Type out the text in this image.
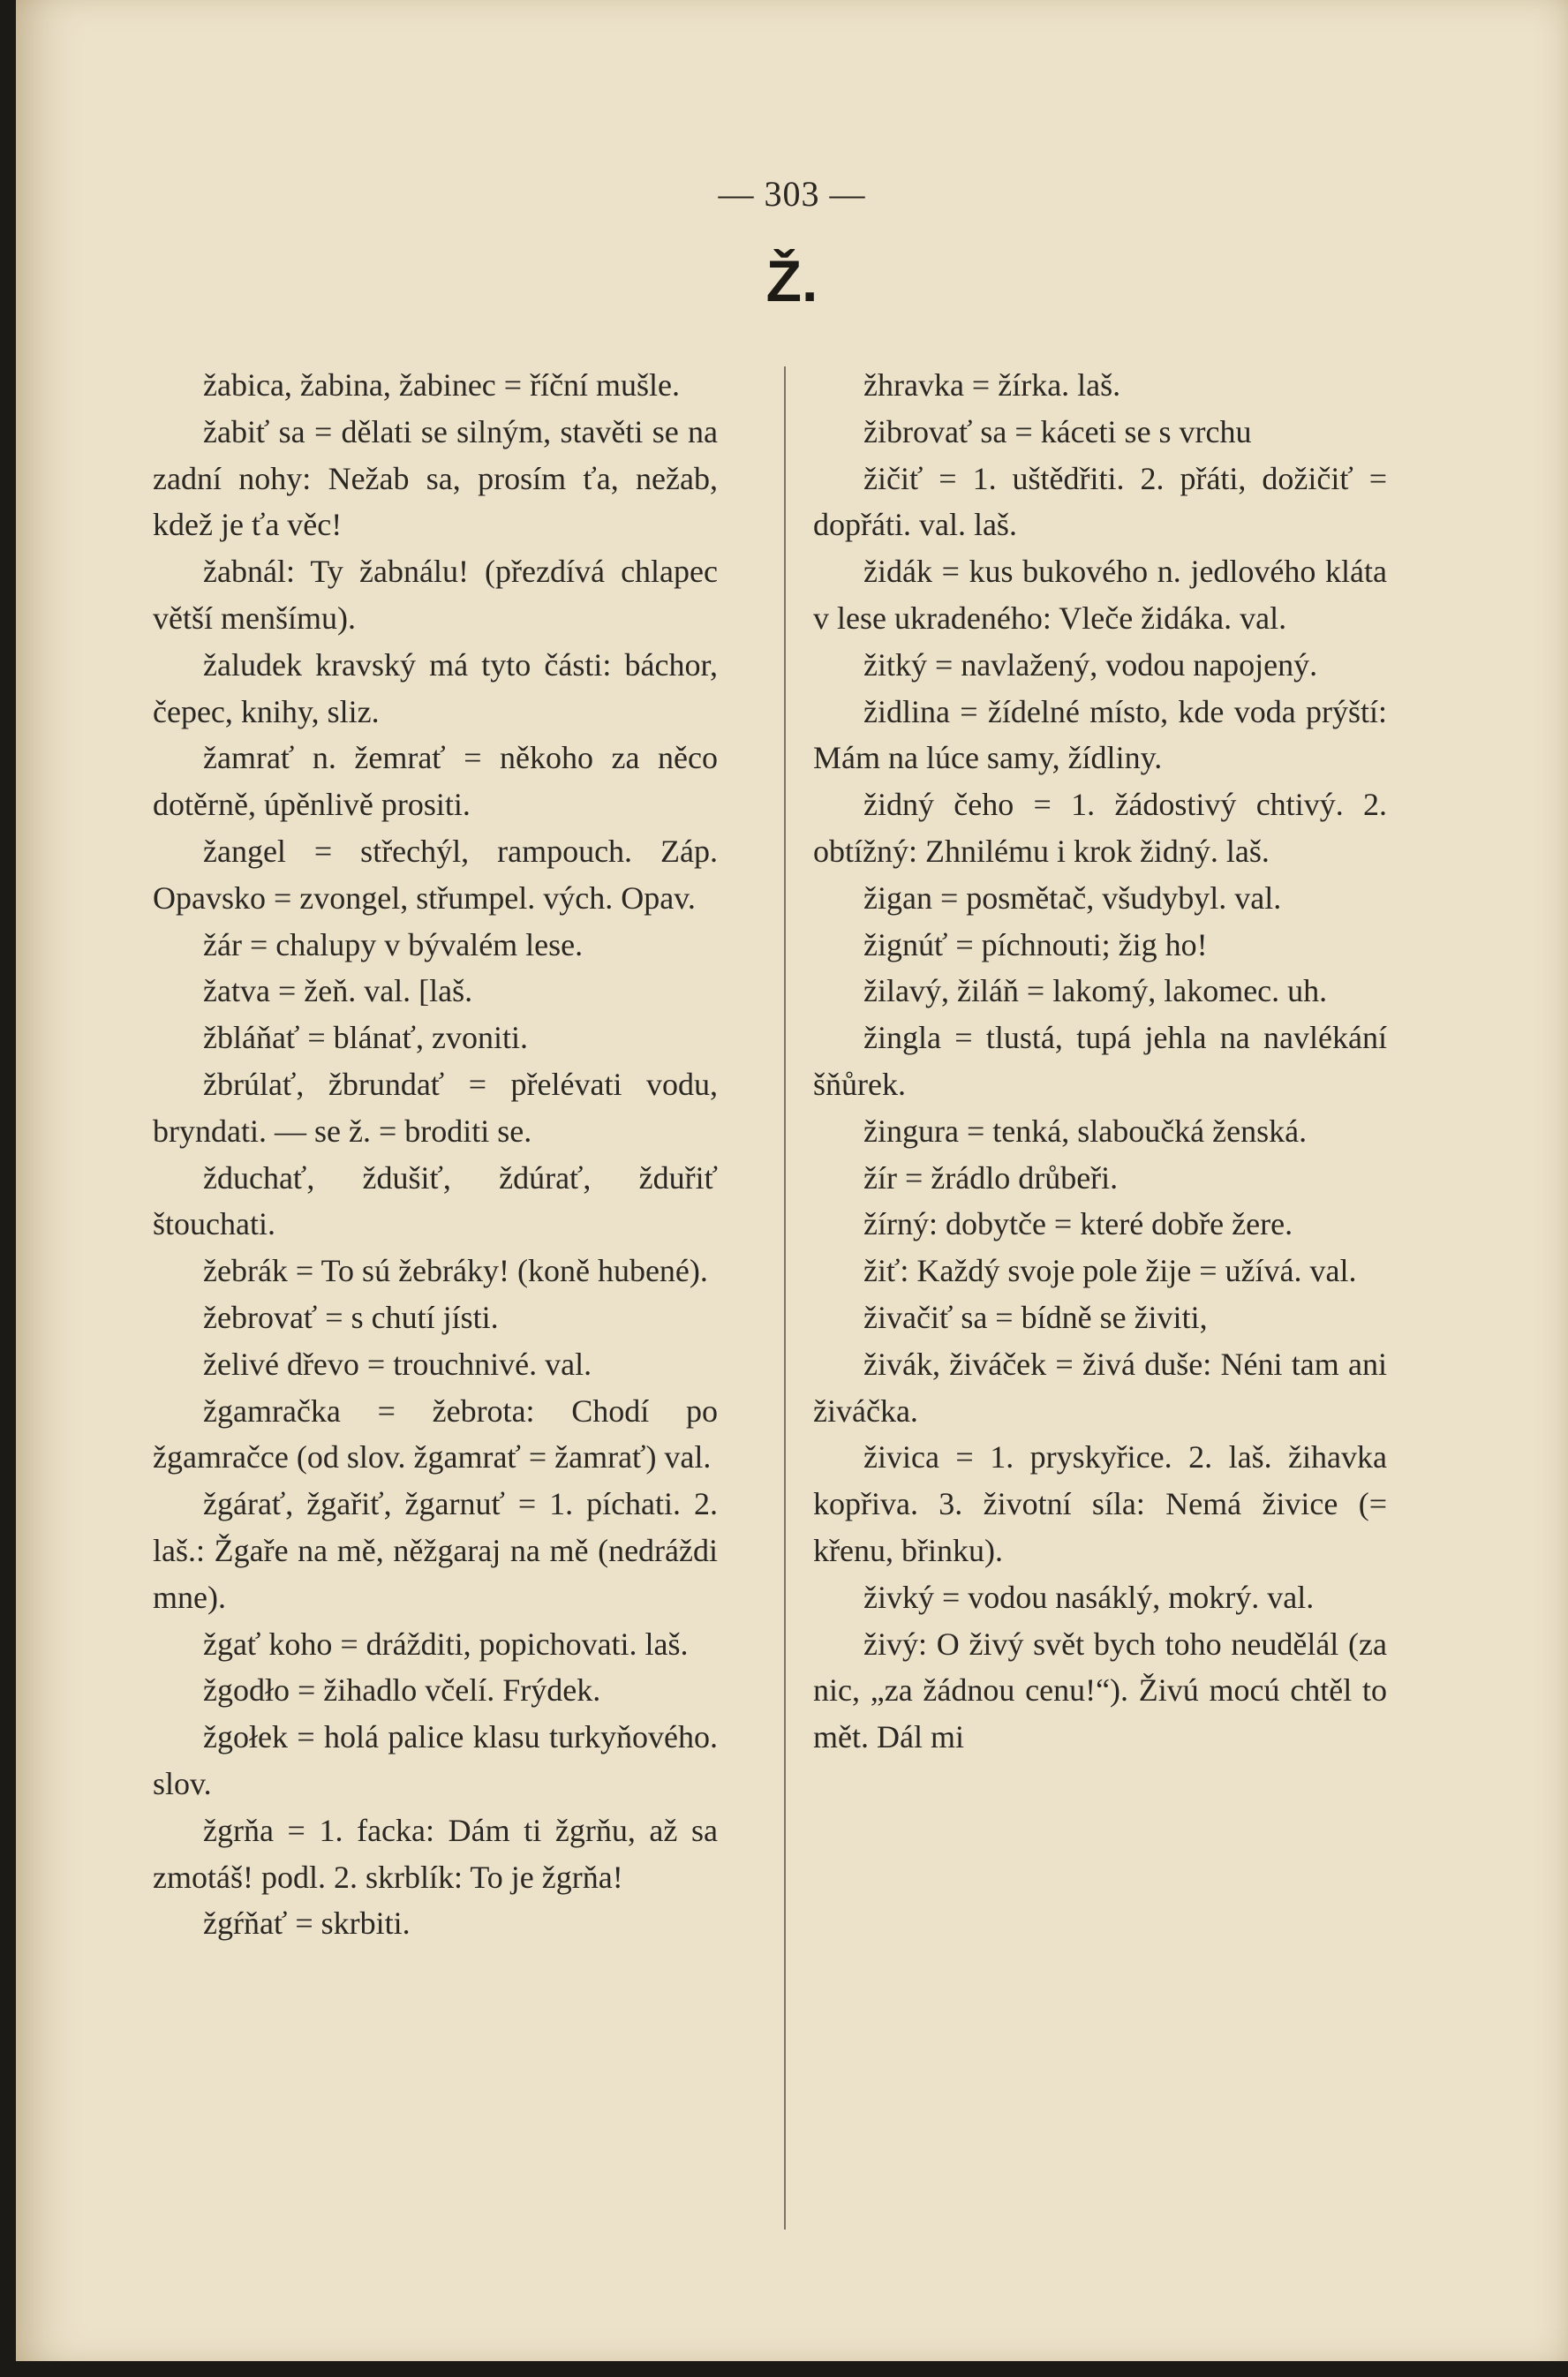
— 303 —
Ž.

žabica, žabina, žabinec = říční mušle.

žabiť sa = dělati se silným, stavěti se na zadní nohy: Nežab sa, prosím ťa, nežab, kdež je ťa věc!

žabnál: Ty žabnálu! (přezdívá chlapec větší menšímu).

žaludek kravský má tyto části: báchor, čepec, knihy, sliz.

žamrať n. žemrať = někoho za něco dotěrně, úpěnlivě prositi.

žangel = střechýl, rampouch. Záp. Opavsko = zvongel, střumpel. vých. Opav.

žár = chalupy v bývalém lese.

žatva = žeň. val. [laš.

žbláňať = blánať, zvoniti.

žbrúlať, žbrundať = přelévati vodu, bryndati. — se ž. = broditi se.

žduchať, ždušiť, ždúrať, žduřiť štouchati.

žebrák = To sú žebráky! (koně hubené).

žebrovať = s chutí jísti.

želivé dřevo = trouchnivé. val.

žgamračka = žebrota: Chodí po žgamračce (od slov. žgamrať = žamrať) val.

žgárať, žgařiť, žgarnuť = 1. píchati. 2. laš.: Žgaře na mě, něžgaraj na mě (nedráždi mne).

žgať koho = drážditi, popichovati. laš.

žgodło = žihadlo včelí. Frýdek.

žgołek = holá palice klasu turkyňového. slov.

žgrňa = 1. facka: Dám ti žgrňu, až sa zmotáš! podl. 2. skrblík: To je žgrňa!

žgŕňať = skrbiti.

žhravka = žírka. laš.

žibrovať sa = káceti se s vrchu

žičiť = 1. uštědřiti. 2. přáti, dožičiť = dopřáti. val. laš.

židák = kus bukového n. jedlového kláta v lese ukradeného: Vleče židáka. val.

žitký = navlažený, vodou napojený.

židlina = žídelné místo, kde voda prýští: Mám na lúce samy, žídliny.

židný čeho = 1. žádostivý chtivý. 2. obtížný: Zhnilému i krok židný. laš.

žigan = posmětač, všudybyl. val.

žignúť = píchnouti; žig ho!

žilavý, žiláň = lakomý, lakomec. uh.

žingla = tlustá, tupá jehla na navlékání šňůrek.

žingura = tenká, slaboučká ženská.

žír = žrádlo drůbeři.

žírný: dobytče = které dobře žere.

žiť: Každý svoje pole žije = užívá. val.

živačiť sa = bídně se živiti,

živák, živáček = živá duše: Néni tam ani živáčka.

živica = 1. pryskyřice. 2. laš. žihavka kopřiva. 3. životní síla: Nemá živice (= křenu, břinku).

živký = vodou nasáklý, mokrý. val.

živý: O živý svět bych toho neudělál (za nic, „za žádnou cenu!“). Živú mocú chtěl to mět. Dál mi
